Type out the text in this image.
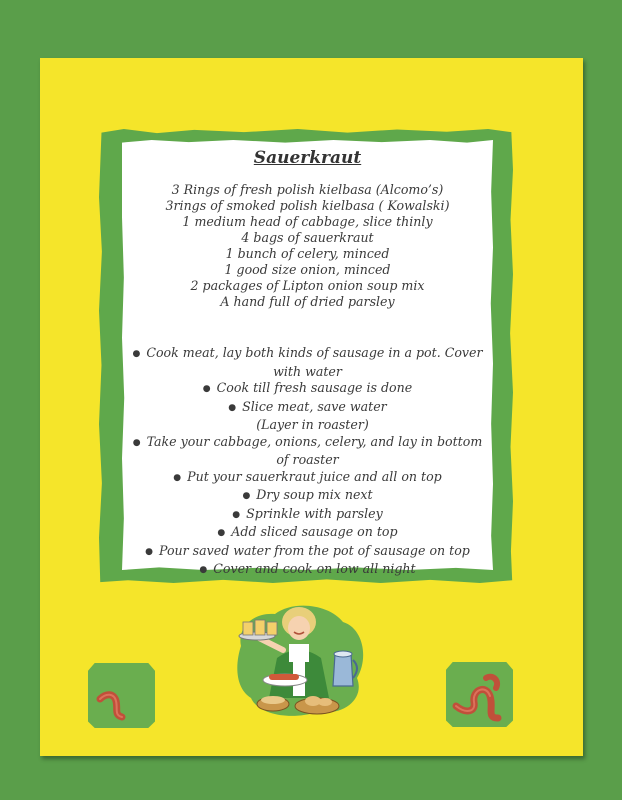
Sauerkraut
3 Rings of fresh polish kielbasa (Alcomo’s)
3rings of smoked polish kielbasa ( Kowalski)
1 medium head of cabbage, slice thinly
4 bags of sauerkraut
1 bunch of celery, minced
1 good size onion, minced
2 packages of Lipton onion soup mix
A hand full of dried parsley
● Cook meat, lay both kinds of sausage in a pot. Cover with water
● Cook till fresh sausage is done
● Slice meat, save water
(Layer in roaster)
● Take your cabbage, onions, celery, and lay in bottom of roaster
● Put your sauerkraut juice and all on top
● Dry soup mix next
● Sprinkle with parsley
● Add sliced sausage on top
● Pour saved water from the pot of sausage on top
● Cover and cook on low all night
